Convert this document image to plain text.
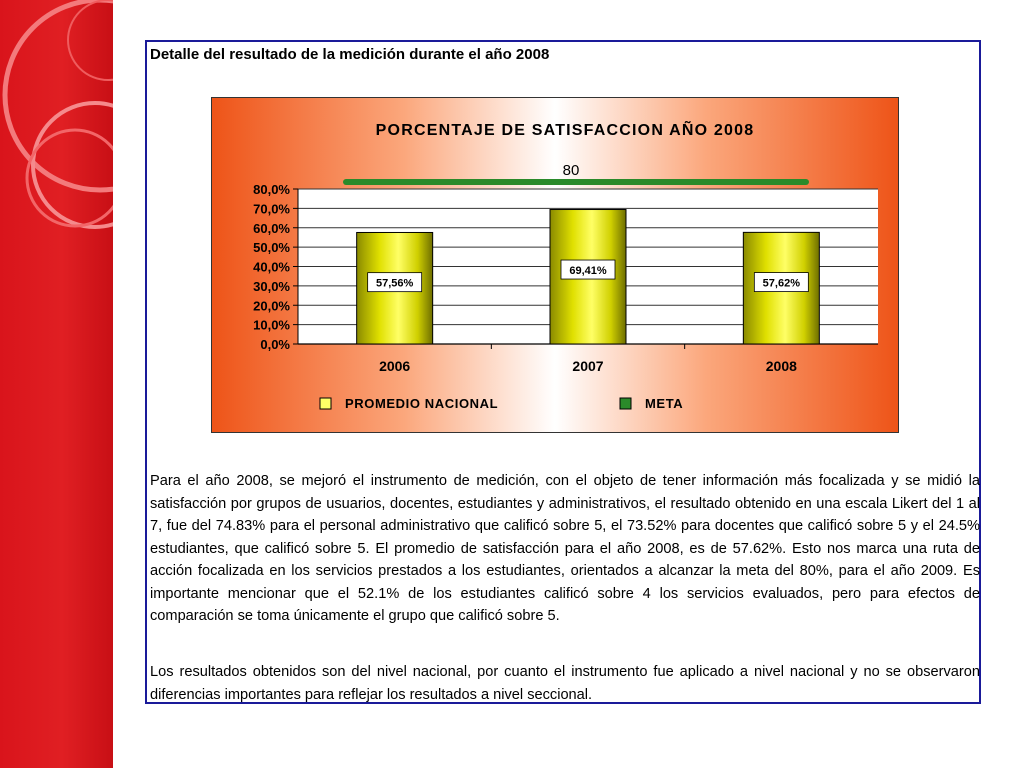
Detalle del resultado de la medición durante el año 2008
PORCENTAJE DE SATISFACCION AÑO 2008
80,0%
70,0%
60,0%
50,0%
40,0%
30,0%
20,0%
10,0%
0,0%
57,56%
69,41%
57,62%
2006	2007	2008
80
PROMEDIO NACIONAL	META

Para el año 2008, se mejoró el instrumento de medición, con el objeto de tener información más focalizada y se midió la satisfacción por grupos de usuarios, docentes, estudiantes y administrativos, el resultado obtenido en una escala Likert del 1 al 7, fue del 74.83% para el personal administrativo que calificó sobre 5, el 73.52% para docentes que calificó sobre 5 y el 24.5% estudiantes, que calificó sobre 5. El promedio de satisfacción para el año 2008, es de 57.62%. Esto nos marca una ruta de acción focalizada en los servicios prestados a los estudiantes, orientados a alcanzar la meta del 80%, para el año 2009. Es importante mencionar que el 52.1% de los estudiantes calificó sobre 4 los servicios evaluados, pero para efectos de comparación se toma únicamente el grupo que calificó sobre 5.

Los resultados obtenidos son del nivel nacional, por cuanto el instrumento fue aplicado a nivel nacional y no se observaron diferencias importantes para reflejar los resultados a nivel seccional.
